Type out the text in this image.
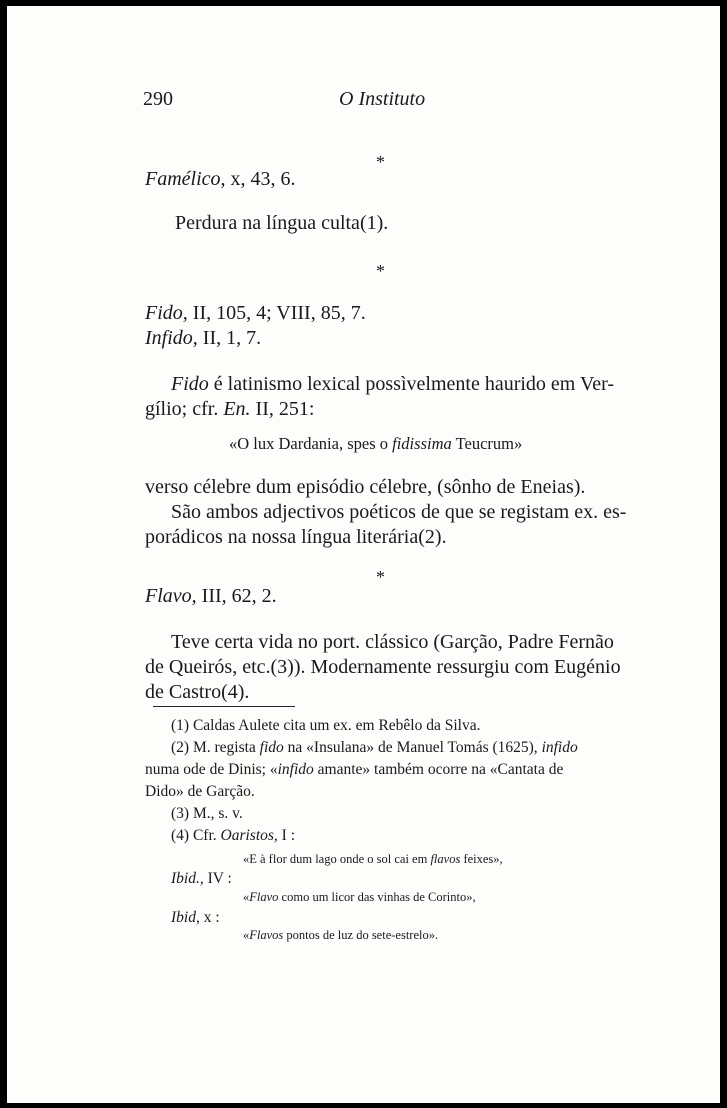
290	O Instituto
*
Famélico, x, 43, 6.
Perdura na língua culta(1).
*
Fido, II, 105, 4; VIII, 85, 7.
Infido, II, 1, 7.
Fido é latinismo lexical possìvelmente haurido em Ver-
gílio; cfr. En. II, 251:
«O lux Dardania, spes o fidissima Teucrum»
verso célebre dum episódio célebre, (sônho de Eneias).
São ambos adjectivos poéticos de que se registam ex. es-
porádicos na nossa língua literária(2).
*
Flavo, III, 62, 2.
Teve certa vida no port. clássico (Garção, Padre Fernão
de Queirós, etc.(3)). Modernamente ressurgiu com Eugénio
de Castro(4).
(1) Caldas Aulete cita um ex. em Rebêlo da Silva.
(2) M. regista fido na «Insulana» de Manuel Tomás (1625), infido
numa ode de Dinis; «infido amante» também ocorre na «Cantata de
Dido» de Garção.
(3) M., s. v.
(4) Cfr. Oaristos, I :
«E à flor dum lago onde o sol cai em flavos feixes»,
Ibid., IV :
«Flavo como um licor das vinhas de Corinto»,
Ibid, x :
«Flavos pontos de luz do sete-estrelo».
